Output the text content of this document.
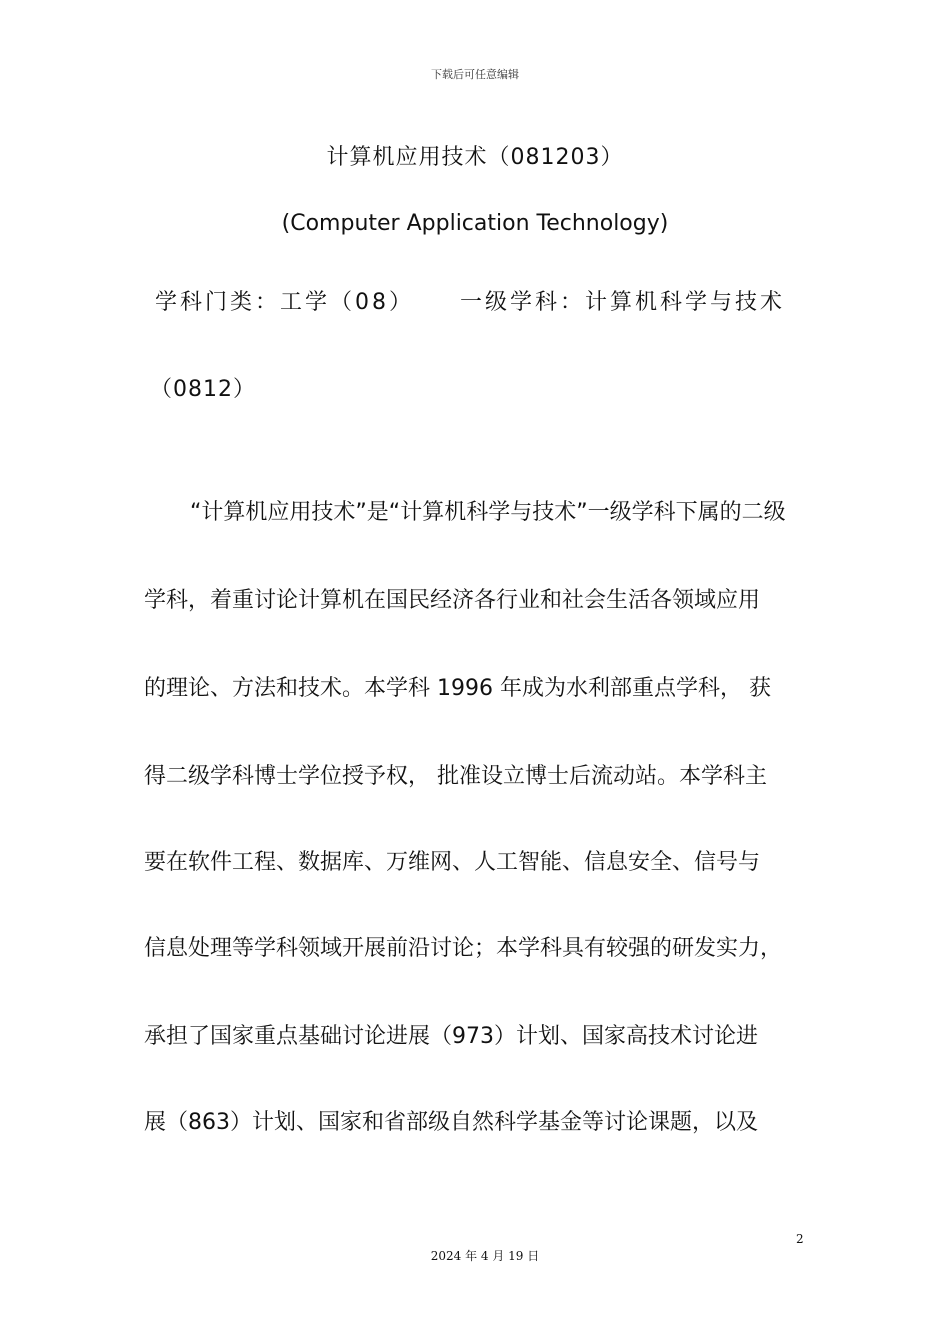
下载后可任意编辑
计算机应用技术（081203）
(Computer Application Technology)
学科门类：工学（08） 一级学科：计算机科学与技术
（0812）
“计算机应用技术”是“计算机科学与技术”一级学科下属的二级
学科，着重讨论计算机在国民经济各行业和社会生活各领域应用
的理论、方法和技术。本学科 1996 年成为水利部重点学科， 获
得二级学科博士学位授予权， 批准设立博士后流动站。本学科主
要在软件工程、数据库、万维网、人工智能、信息安全、信号与
信息处理等学科领域开展前沿讨论；本学科具有较强的研发实力，
承担了国家重点基础讨论进展（973）计划、国家高技术讨论进
展（863）计划、国家和省部级自然科学基金等讨论课题，以及
2
2024 年 4 月 19 日
